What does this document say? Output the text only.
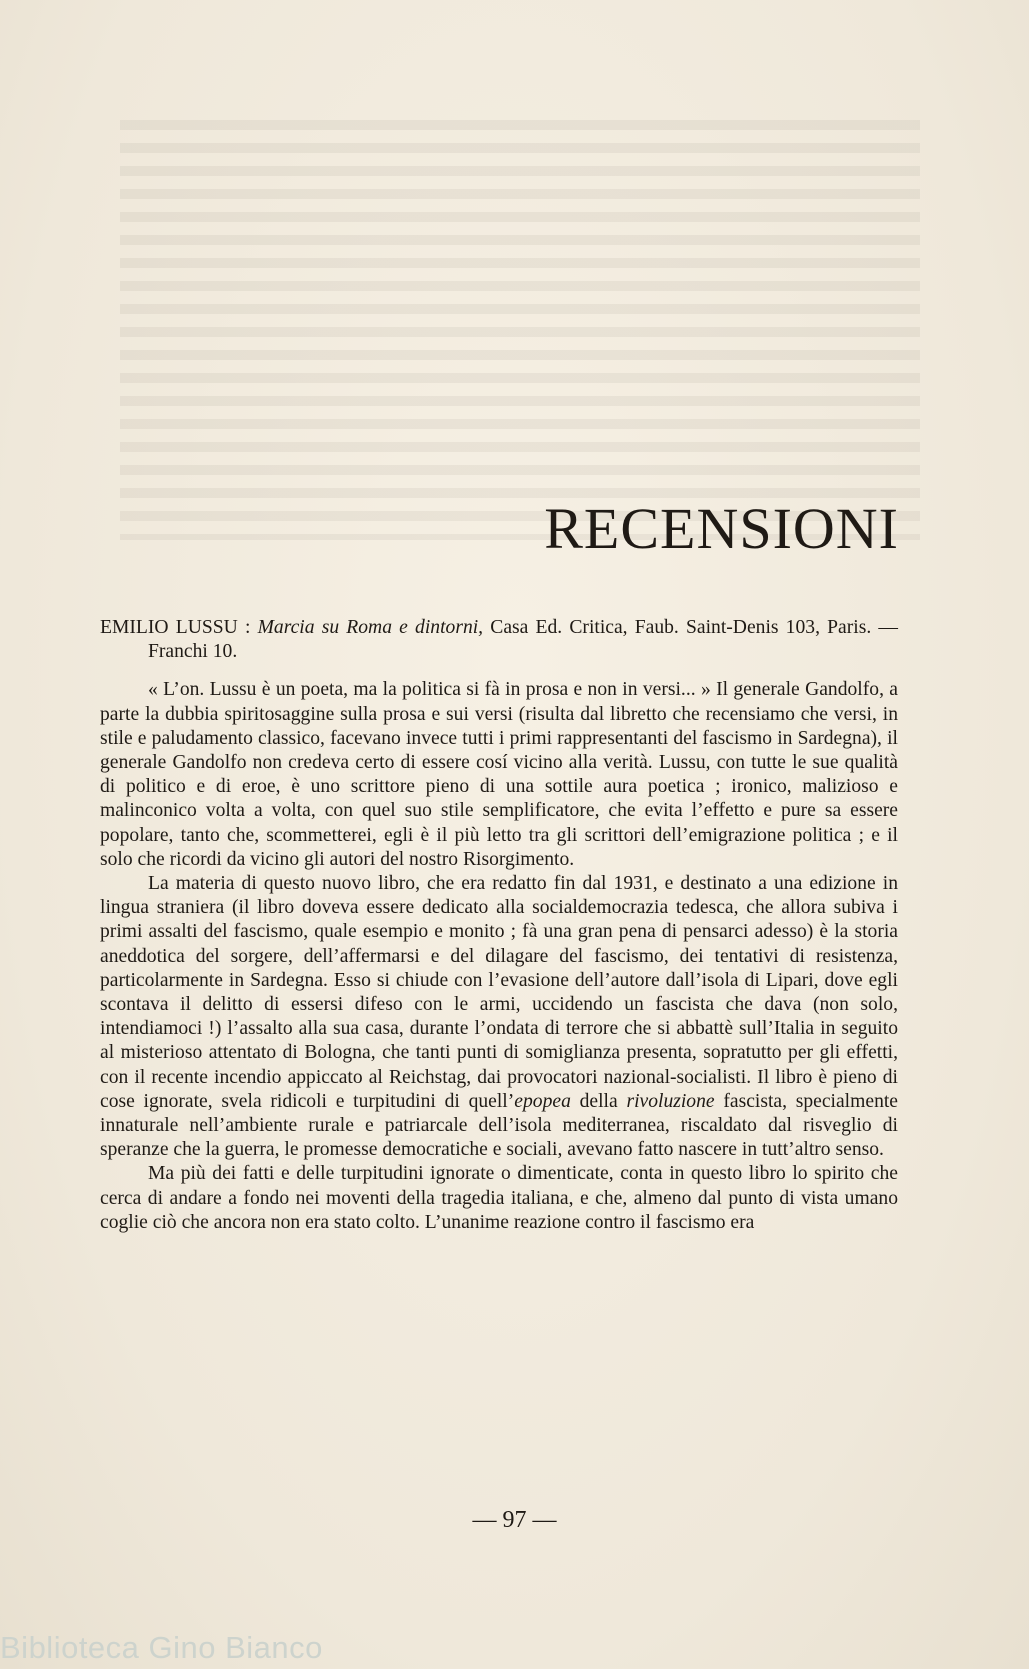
RECENSIONI

EMILIO LUSSU : Marcia su Roma e dintorni, Casa Ed. Critica, Faub. Saint-Denis 103, Paris. — Franchi 10.

« L’on. Lussu è un poeta, ma la politica si fà in prosa e non in versi... » Il generale Gandolfo, a parte la dubbia spiritosaggine sulla prosa e sui versi (risulta dal libretto che recensiamo che versi, in stile e paludamento classico, facevano invece tutti i primi rappresentanti del fascismo in Sardegna), il generale Gandolfo non credeva certo di essere cosí vicino alla verità. Lussu, con tutte le sue qualità di politico e di eroe, è uno scrittore pieno di una sottile aura poetica ; ironico, malizioso e malinconico volta a volta, con quel suo stile semplificatore, che evita l’effetto e pure sa essere popolare, tanto che, scommetterei, egli è il più letto tra gli scrittori dell’emigrazione politica ; e il solo che ricordi da vicino gli autori del nostro Risorgimento.

La materia di questo nuovo libro, che era redatto fin dal 1931, e destinato a una edizione in lingua straniera (il libro doveva essere dedicato alla socialdemocrazia tedesca, che allora subiva i primi assalti del fascismo, quale esempio e monito ; fà una gran pena di pensarci adesso) è la storia aneddotica del sorgere, dell’affermarsi e del dilagare del fascismo, dei tentativi di resistenza, particolarmente in Sardegna. Esso si chiude con l’evasione dell’autore dall’isola di Lipari, dove egli scontava il delitto di essersi difeso con le armi, uccidendo un fascista che dava (non solo, intendiamoci !) l’assalto alla sua casa, durante l’ondata di terrore che si abbattè sull’Italia in seguito al misterioso attentato di Bologna, che tanti punti di somiglianza presenta, sopratutto per gli effetti, con il recente incendio appiccato al Reichstag, dai provocatori nazional-socialisti. Il libro è pieno di cose ignorate, svela ridicoli e turpitudini di quell’epopea della rivoluzione fascista, specialmente innaturale nell’ambiente rurale e patriarcale dell’isola mediterranea, riscaldato dal risveglio di speranze che la guerra, le promesse democratiche e sociali, avevano fatto nascere in tutt’altro senso.

Ma più dei fatti e delle turpitudini ignorate o dimenticate, conta in questo libro lo spirito che cerca di andare a fondo nei moventi della tragedia italiana, e che, almeno dal punto di vista umano coglie ciò che ancora non era stato colto. L’unanime reazione contro il fascismo era

— 97 —
Biblioteca Gino Bianco
